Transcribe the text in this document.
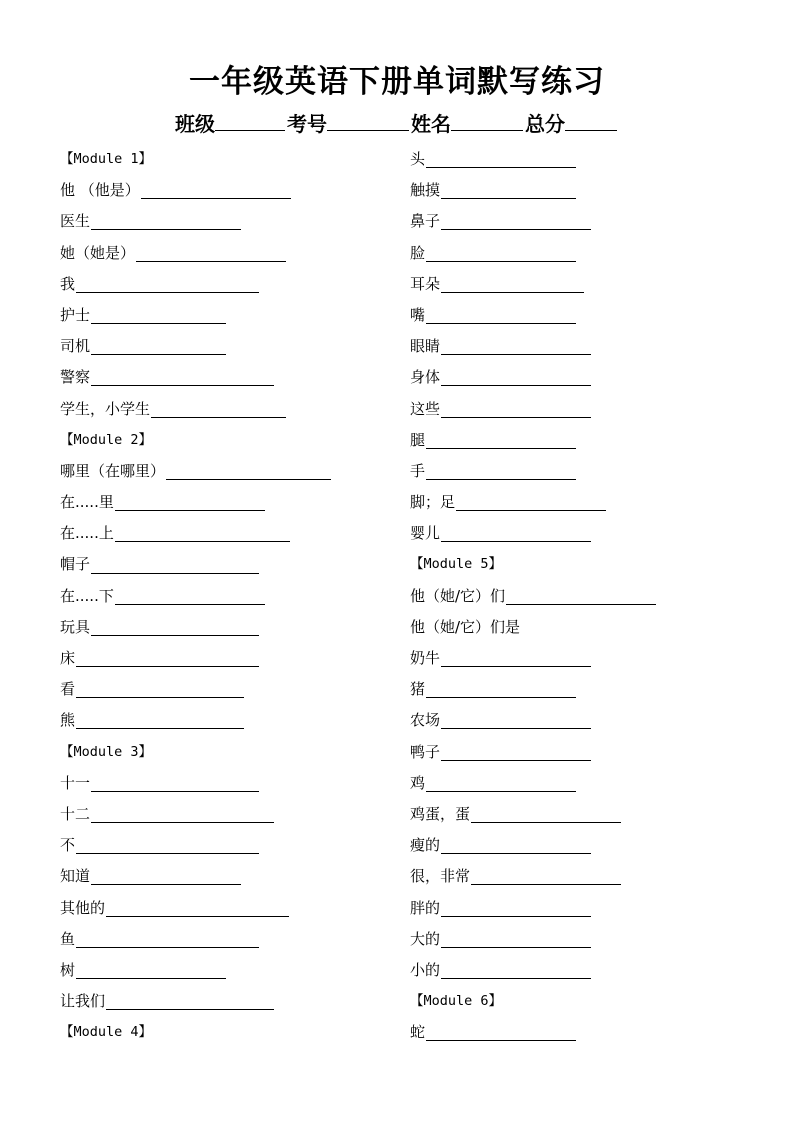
一年级英语下册单词默写练习
班级	考号	姓名	总分
【Module 1】
他 （他是）
医生
她（她是）
我
护士
司机
警察
学生，小学生
【Module 2】
哪里（在哪里）
在.....里
在.....上
帽子
在.....下
玩具
床
看
熊
【Module 3】
十一
十二
不
知道
其他的
鱼
树
让我们
【Module 4】
头
触摸
鼻子
脸
耳朵
嘴
眼睛
身体
这些
腿
手
脚；足
婴儿
【Module 5】
他（她/它）们
他（她/它）们是
奶牛
猪
农场
鸭子
鸡
鸡蛋，蛋
瘦的
很，非常
胖的
大的
小的
【Module 6】
蛇
